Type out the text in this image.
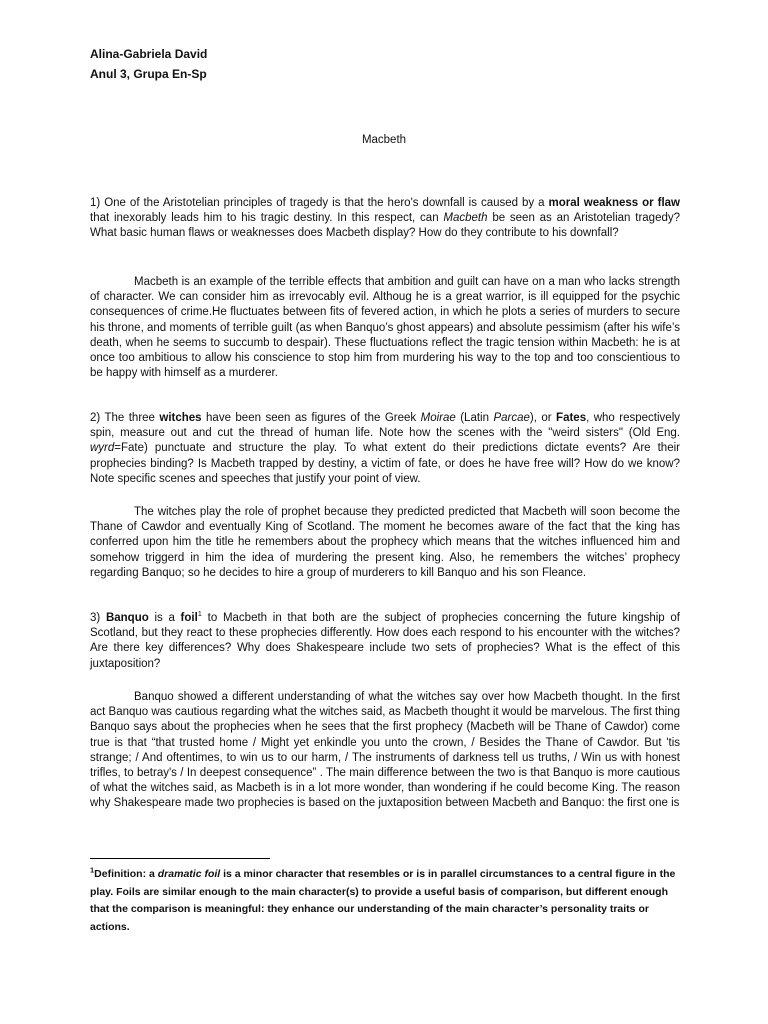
Alina-Gabriela David
Anul 3, Grupa En-Sp
Macbeth
1) One of the Aristotelian principles of tragedy is that the hero's downfall is caused by a moral weakness or flaw that inexorably leads him to his tragic destiny. In this respect, can Macbeth be seen as an Aristotelian tragedy? What basic human flaws or weaknesses does Macbeth display? How do they contribute to his downfall?
Macbeth is an example of the terrible effects that ambition and guilt can have on a man who lacks strength of character. We can consider him as irrevocably evil. Althoug he is a great warrior, is ill equipped for the psychic consequences of crime.He fluctuates between fits of fevered action, in which he plots a series of murders to secure his throne, and moments of terrible guilt (as when Banquo’s ghost appears) and absolute pessimism (after his wife’s death, when he seems to succumb to despair). These fluctuations reflect the tragic tension within Macbeth: he is at once too ambitious to allow his conscience to stop him from murdering his way to the top and too conscientious to be happy with himself as a murderer.
2) The three witches have been seen as figures of the Greek Moirae (Latin Parcae), or Fates, who respectively spin, measure out and cut the thread of human life. Note how the scenes with the "weird sisters" (Old Eng. wyrd=Fate) punctuate and structure the play. To what extent do their predictions dictate events? Are their prophecies binding? Is Macbeth trapped by destiny, a victim of fate, or does he have free will? How do we know? Note specific scenes and speeches that justify your point of view.
The witches play the role of prophet because they predicted predicted that Macbeth will soon become the Thane of Cawdor and eventually King of Scotland. The moment he becomes aware of the fact that the king has conferred upon him the title he remembers about the prophecy which means that the witches influenced him and somehow triggerd in him the idea of murdering the present king. Also, he remembers the witches’ prophecy regarding Banquo; so he decides to hire a group of murderers to kill Banquo and his son Fleance.
3) Banquo is a foil$^1$ to Macbeth in that both are the subject of prophecies concerning the future kingship of Scotland, but they react to these prophecies differently. How does each respond to his encounter with the witches? Are there key differences? Why does Shakespeare include two sets of prophecies? What is the effect of this juxtaposition?
Banquo showed a different understanding of what the witches say over how Macbeth thought. In the first act Banquo was cautious regarding what the witches said, as Macbeth thought it would be marvelous. The first thing Banquo says about the prophecies when he sees that the first prophecy (Macbeth will be Thane of Cawdor) come true is that “that trusted home / Might yet enkindle you unto the crown, / Besides the Thane of Cawdor. But 'tis strange; / And oftentimes, to win us to our harm, / The instruments of darkness tell us truths, / Win us with honest trifles, to betray's / In deepest consequence” . The main difference between the two is that Banquo is more cautious of what the witches said, as Macbeth is in a lot more wonder, than wondering if he could become King. The reason why Shakespeare made two prophecies is based on the juxtaposition between Macbeth and Banquo: the first one is
$^1$Definition: a dramatic foil is a minor character that resembles or is in parallel circumstances to a central figure in the play. Foils are similar enough to the main character(s) to provide a useful basis of comparison, but different enough that the comparison is meaningful: they enhance our understanding of the main character’s personality traits or actions.
